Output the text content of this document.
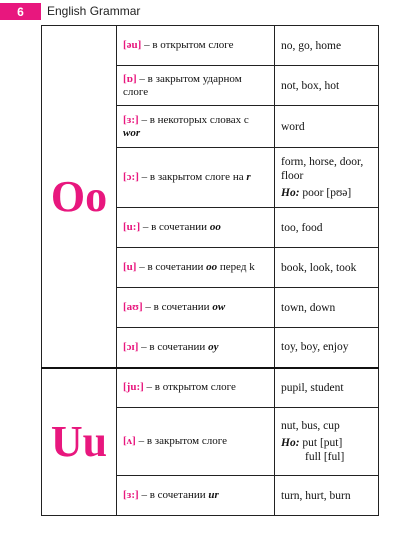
6	English Grammar
Oo	[əu] – в открытом слоге	no, go, home
	[ɒ] – в закрытом ударном слоге	not, box, hot
	[ɜ:] – в некоторых словах с wor	word
	[ɔ:] – в закрытом слоге на r	form, horse, door, floor
Ho: poor [pʊə]

	[u:] – в сочетании oo	too, food
	[u] – в сочетании oo перед k	book, look, took
	[aʊ] – в сочетании ow	town, down
	[ɔɪ] – в сочетании oy	toy, boy, enjoy
Uu	[ju:] – в открытом слоге	pupil, student
	[ʌ] – в закрытом слоге	nut, bus, cup
Ho: put [put]
full [ful]

	[ɜ:] – в сочетании ur	turn, hurt, burn
